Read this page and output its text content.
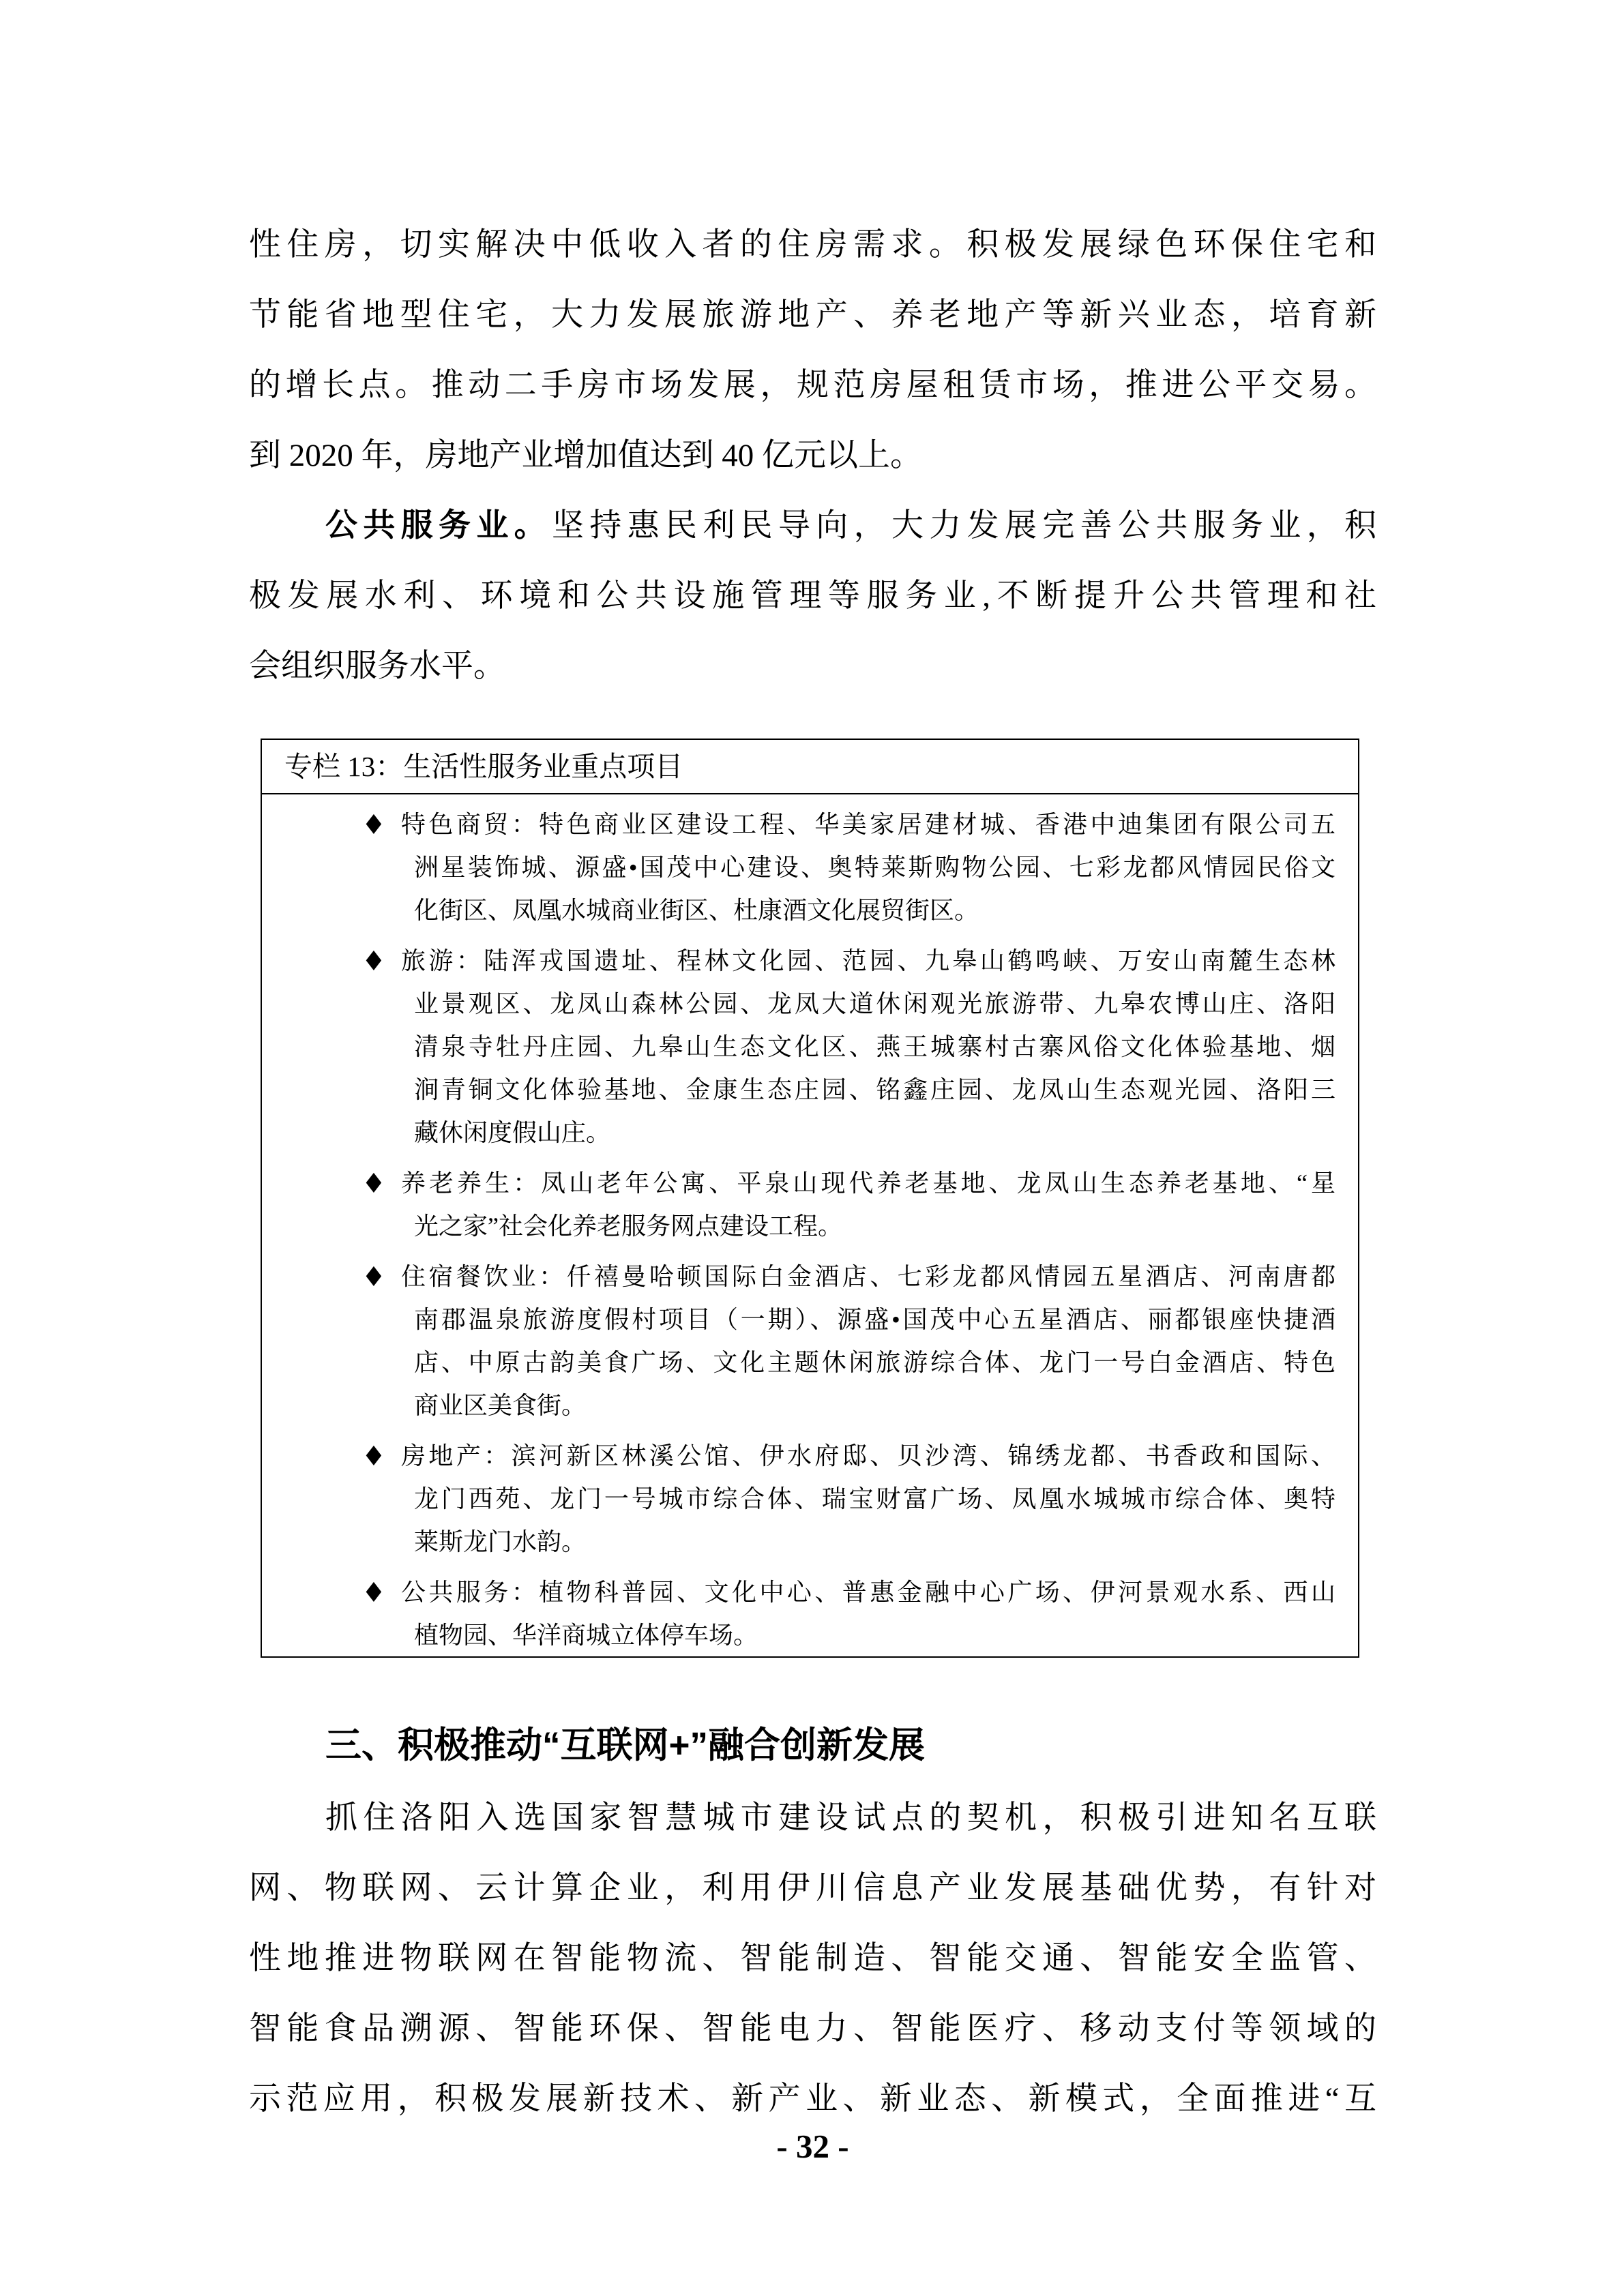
性住房，切实解决中低收入者的住房需求。积极发展绿色环保住宅和
节能省地型住宅，大力发展旅游地产、养老地产等新兴业态，培育新
的增长点。推动二手房市场发展，规范房屋租赁市场，推进公平交易。
到 2020 年，房地产业增加值达到 40 亿元以上。
公共服务业。坚持惠民利民导向，大力发展完善公共服务业，积
极发展水利、环境和公共设施管理等服务业,不断提升公共管理和社
会组织服务水平。
专栏 13：生活性服务业重点项目
♦ 特色商贸：特色商业区建设工程、华美家居建材城、香港中迪集团有限公司五
洲星装饰城、源盛•国茂中心建设、奥特莱斯购物公园、七彩龙都风情园民俗文
化街区、凤凰水城商业街区、杜康酒文化展贸街区。
♦ 旅游：陆浑戎国遗址、程林文化园、范园、九皋山鹤鸣峡、万安山南麓生态林
业景观区、龙凤山森林公园、龙凤大道休闲观光旅游带、九皋农博山庄、洛阳
清泉寺牡丹庄园、九皋山生态文化区、燕王城寨村古寨风俗文化体验基地、烟
涧青铜文化体验基地、金康生态庄园、铭鑫庄园、龙凤山生态观光园、洛阳三
藏休闲度假山庄。
♦ 养老养生：凤山老年公寓、平泉山现代养老基地、龙凤山生态养老基地、“星
光之家”社会化养老服务网点建设工程。
♦ 住宿餐饮业：仟禧曼哈顿国际白金酒店、七彩龙都风情园五星酒店、河南唐都
南郡温泉旅游度假村项目（一期）、源盛•国茂中心五星酒店、丽都银座快捷酒
店、中原古韵美食广场、文化主题休闲旅游综合体、龙门一号白金酒店、特色
商业区美食街。
♦ 房地产：滨河新区林溪公馆、伊水府邸、贝沙湾、锦绣龙都、书香政和国际、
龙门西苑、龙门一号城市综合体、瑞宝财富广场、凤凰水城城市综合体、奥特
莱斯龙门水韵。
♦ 公共服务：植物科普园、文化中心、普惠金融中心广场、伊河景观水系、西山
植物园、华洋商城立体停车场。
三、积极推动“互联网+”融合创新发展
抓住洛阳入选国家智慧城市建设试点的契机，积极引进知名互联
网、物联网、云计算企业，利用伊川信息产业发展基础优势，有针对
性地推进物联网在智能物流、智能制造、智能交通、智能安全监管、
智能食品溯源、智能环保、智能电力、智能医疗、移动支付等领域的
示范应用，积极发展新技术、新产业、新业态、新模式，全面推进“互
- 32 -
